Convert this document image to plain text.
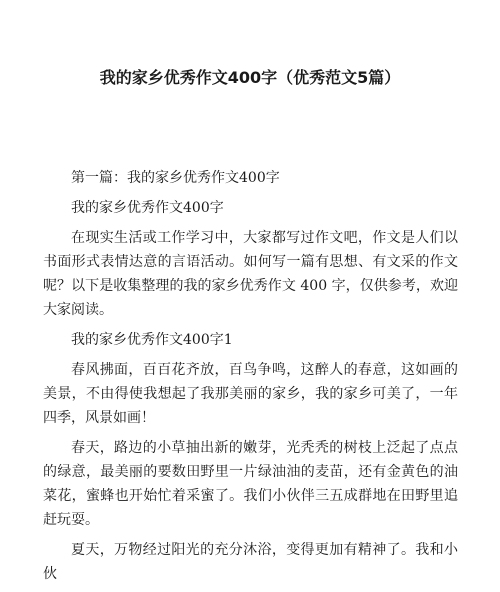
我的家乡优秀作文400字（优秀范文5篇）

第一篇：我的家乡优秀作文400字

我的家乡优秀作文400字

在现实生活或工作学习中，大家都写过作文吧，作文是人们以书面形式表情达意的言语活动。如何写一篇有思想、有文采的作文呢？以下是收集整理的我的家乡优秀作文 400 字，仅供参考，欢迎大家阅读。

我的家乡优秀作文400字1

春风拂面，百百花齐放，百鸟争鸣，这醉人的春意，这如画的美景，不由得使我想起了我那美丽的家乡，我的家乡可美了，一年四季，风景如画！

春天，路边的小草抽出新的嫩芽，光秃秃的树枝上泛起了点点的绿意，最美丽的要数田野里一片绿油油的麦苗，还有金黄色的油菜花，蜜蜂也开始忙着采蜜了。我们小伙伴三五成群地在田野里追赶玩耍。

夏天，万物经过阳光的充分沐浴，变得更加有精神了。我和小伙
